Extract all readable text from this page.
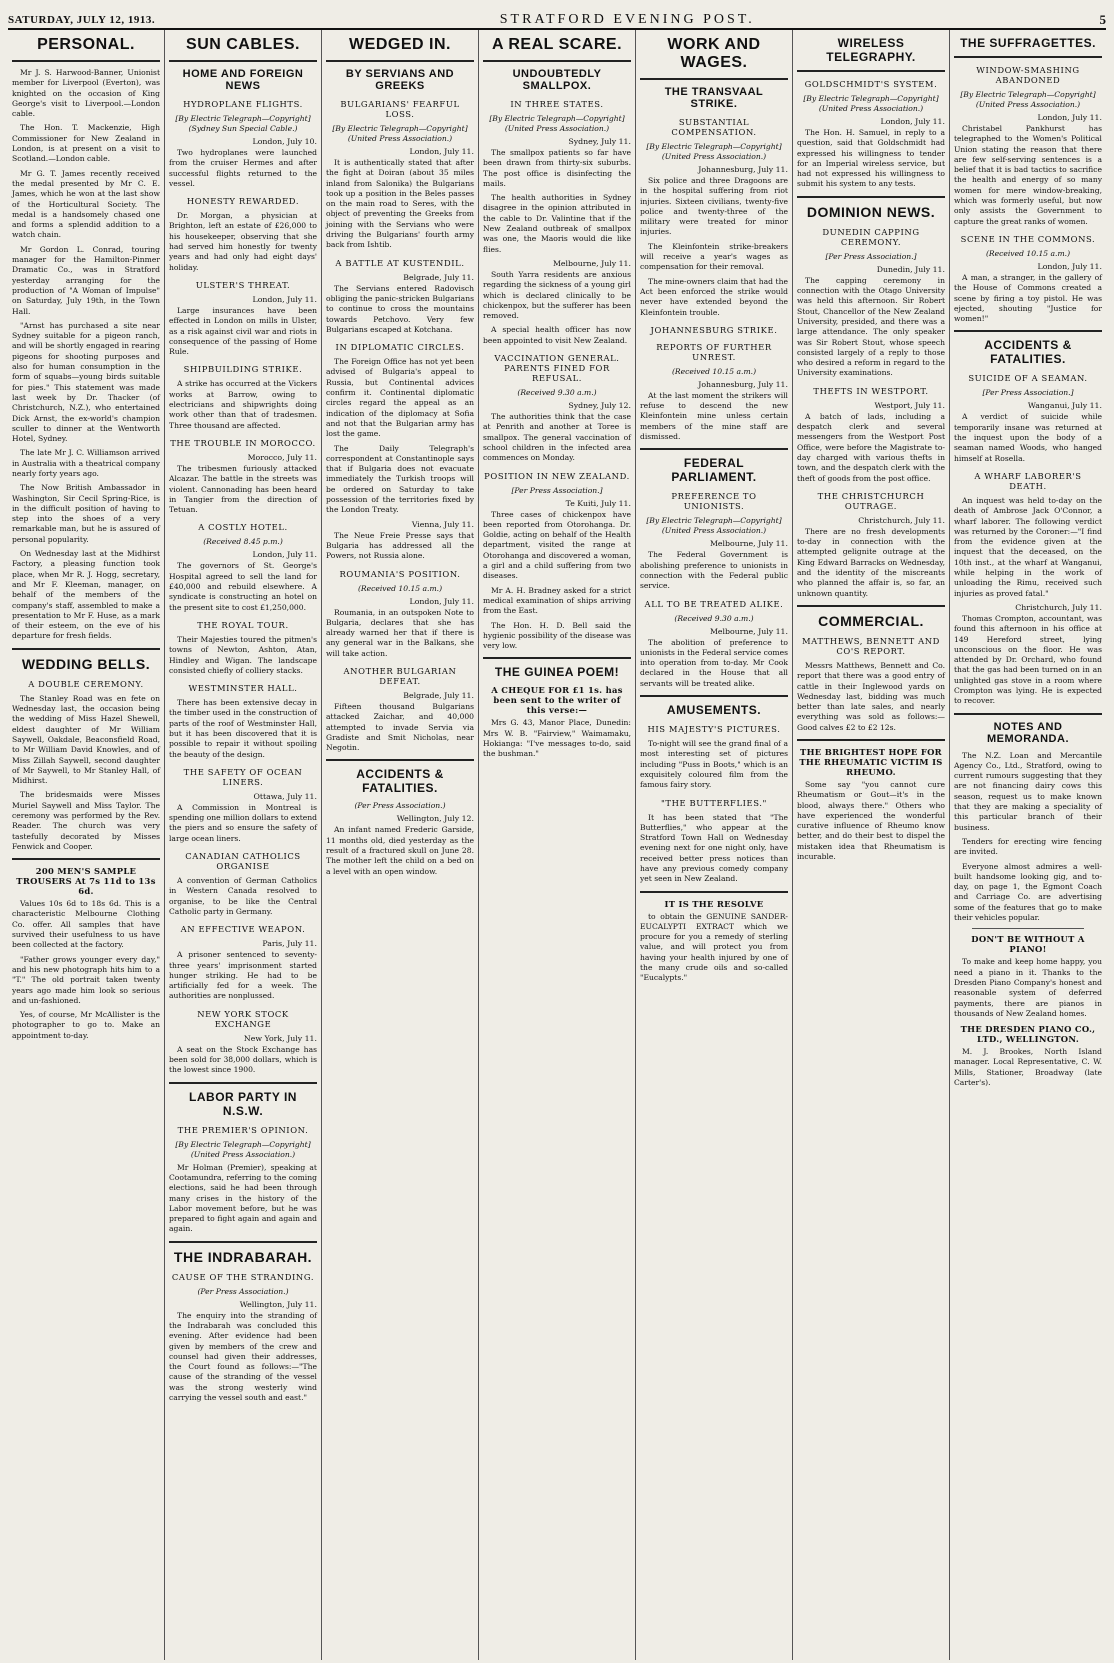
SATURDAY, JULY 12, 1913.	STRATFORD EVENING POST.	5
PERSONAL.

Mr J. S. Harwood-Banner, Unionist member for Liverpool (Everton), was knighted on the occasion of King George's visit to Liverpool.—London cable.

The Hon. T. Mackenzie, High Commissioner for New Zealand in London, is at present on a visit to Scotland.—London cable.

Mr G. T. James recently received the medal presented by Mr C. E. James, which he won at the last show of the Horticultural Society. The medal is a handsomely chased one and forms a splendid addition to a watch chain.

Mr Gordon L. Conrad, touring manager for the Hamilton-Pinmer Dramatic Co., was in Stratford yesterday arranging for the production of "A Woman of Impulse" on Saturday, July 19th, in the Town Hall.

"Arnst has purchased a site near Sydney suitable for a pigeon ranch, and will be shortly engaged in rearing pigeons for shooting purposes and also for human consumption in the form of squabs—young birds suitable for pies." This statement was made last week by Dr. Thacker (of Christchurch, N.Z.), who entertained Dick Arnst, the ex-world's champion sculler to dinner at the Wentworth Hotel, Sydney.

The late Mr J. C. Williamson arrived in Australia with a theatrical company nearly forty years ago.

The Now British Ambassador in Washington, Sir Cecil Spring-Rice, is in the difficult position of having to step into the shoes of a very remarkable man, but he is assured of personal popularity.

On Wednesday last at the Midhirst Factory, a pleasing function took place, when Mr R. J. Hogg, secretary, and Mr F. Kleeman, manager, on behalf of the members of the company's staff, assembled to make a presentation to Mr F. Huse, as a mark of their esteem, on the eve of his departure for fresh fields.

WEDDING BELLS.
A DOUBLE CEREMONY.

The Stanley Road was en fete on Wednesday last, the occasion being the wedding of Miss Hazel Shewell, eldest daughter of Mr William Saywell, Oakdale, Beaconsfield Road, to Mr William David Knowles, and of Miss Zillah Saywell, second daughter of Mr Saywell, to Mr Stanley Hall, of Midhirst.

The bridesmaids were Misses Muriel Saywell and Miss Taylor. The ceremony was performed by the Rev. Reader. The church was very tastefully decorated by Misses Fenwick and Cooper.

200 MEN'S SAMPLE TROUSERS At 7s 11d to 13s 6d.

Values 10s 6d to 18s 6d. This is a characteristic Melbourne Clothing Co. offer. All samples that have survived their usefulness to us have been collected at the factory.

"Father grows younger every day," and his new photograph hits him to a "T." The old portrait taken twenty years ago made him look so serious and un-fashioned.

Yes, of course, Mr McAllister is the photographer to go to. Make an appointment to-day.

SUN CABLES.
HOME AND FOREIGN NEWS
HYDROPLANE FLIGHTS.
[By Electric Telegraph—Copyright] (Sydney Sun Special Cable.)
London, July 10.

Two hydroplanes were launched from the cruiser Hermes and after successful flights returned to the vessel.

HONESTY REWARDED.

Dr. Morgan, a physician at Brighton, left an estate of £26,000 to his housekeeper, observing that she had served him honestly for twenty years and had only had eight days' holiday.

ULSTER'S THREAT.
London, July 11.

Large insurances have been effected in London on mills in Ulster, as a risk against civil war and riots in consequence of the passing of Home Rule.

SHIPBUILDING STRIKE.

A strike has occurred at the Vickers works at Barrow, owing to electricians and shipwrights doing work other than that of tradesmen. Three thousand are affected.

THE TROUBLE IN MOROCCO.
Morocco, July 11.

The tribesmen furiously attacked Alcazar. The battle in the streets was violent. Cannonading has been heard in Tangier from the direction of Tetuan.

A COSTLY HOTEL.
(Received 8.45 p.m.)
London, July 11.

The governors of St. George's Hospital agreed to sell the land for £40,000 and rebuild elsewhere. A syndicate is constructing an hotel on the present site to cost £1,250,000.

THE ROYAL TOUR.

Their Majesties toured the pitmen's towns of Newton, Ashton, Atan, Hindley and Wigan. The landscape consisted chiefly of colliery stacks.

WESTMINSTER HALL.

There has been extensive decay in the timber used in the construction of parts of the roof of Westminster Hall, but it has been discovered that it is possible to repair it without spoiling the beauty of the design.

THE SAFETY OF OCEAN LINERS.
Ottawa, July 11.

A Commission in Montreal is spending one million dollars to extend the piers and so ensure the safety of large ocean liners.

CANADIAN CATHOLICS ORGANISE

A convention of German Catholics in Western Canada resolved to organise, to be like the Central Catholic party in Germany.

AN EFFECTIVE WEAPON.
Paris, July 11.

A prisoner sentenced to seventy-three years' imprisonment started hunger striking. He had to be artificially fed for a week. The authorities are nonplussed.

NEW YORK STOCK EXCHANGE
New York, July 11.

A seat on the Stock Exchange has been sold for 38,000 dollars, which is the lowest since 1900.

LABOR PARTY IN N.S.W.
THE PREMIER'S OPINION.
[By Electric Telegraph—Copyright] (United Press Association.)

Mr Holman (Premier), speaking at Cootamundra, referring to the coming elections, said he had been through many crises in the history of the Labor movement before, but he was prepared to fight again and again and again.

THE INDRABARAH.
CAUSE OF THE STRANDING.
(Per Press Association.)
Wellington, July 11.

The enquiry into the stranding of the Indrabarah was concluded this evening. After evidence had been given by members of the crew and counsel had given their addresses, the Court found as follows:—"The cause of the stranding of the vessel was the strong westerly wind carrying the vessel south and east."

WEDGED IN.
BY SERVIANS AND GREEKS
BULGARIANS' FEARFUL LOSS.
[By Electric Telegraph—Copyright] (United Press Association.)
London, July 11.

It is authentically stated that after the fight at Doiran (about 35 miles inland from Salonika) the Bulgarians took up a position in the Beles passes on the main road to Seres, with the object of preventing the Greeks from joining with the Servians who were driving the Bulgarians' fourth army back from Ishtib.

A BATTLE AT KUSTENDIL.
Belgrade, July 11.

The Servians entered Radovisch obliging the panic-stricken Bulgarians to continue to cross the mountains towards Petchovo. Very few Bulgarians escaped at Kotchana.

IN DIPLOMATIC CIRCLES.

The Foreign Office has not yet been advised of Bulgaria's appeal to Russia, but Continental advices confirm it. Continental diplomatic circles regard the appeal as an indication of the diplomacy at Sofia and not that the Bulgarian army has lost the game.

The Daily Telegraph's correspondent at Constantinople says that if Bulgaria does not evacuate immediately the Turkish troops will be ordered on Saturday to take possession of the territories fixed by the London Treaty.

Vienna, July 11.

The Neue Freie Presse says that Bulgaria has addressed all the Powers, not Russia alone.

ROUMANIA'S POSITION.
(Received 10.15 a.m.)
London, July 11.

Roumania, in an outspoken Note to Bulgaria, declares that she has already warned her that if there is any general war in the Balkans, she will take action.

ANOTHER BULGARIAN DEFEAT.
Belgrade, July 11.

Fifteen thousand Bulgarians attacked Zaichar, and 40,000 attempted to invade Servia via Gradiste and Smit Nicholas, near Negotin.

ACCIDENTS & FATALITIES.
(Per Press Association.)
Wellington, July 12.

An infant named Frederic Garside, 11 months old, died yesterday as the result of a fractured skull on June 28. The mother left the child on a bed on a level with an open window.

A REAL SCARE.
UNDOUBTEDLY SMALLPOX.
IN THREE STATES.
[By Electric Telegraph—Copyright] (United Press Association.)
Sydney, July 11.

The smallpox patients so far have been drawn from thirty-six suburbs. The post office is disinfecting the mails.

The health authorities in Sydney disagree in the opinion attributed in the cable to Dr. Valintine that if the New Zealand outbreak of smallpox was one, the Maoris would die like flies.

Melbourne, July 11.

South Yarra residents are anxious regarding the sickness of a young girl which is declared clinically to be chickenpox, but the sufferer has been removed.

A special health officer has now been appointed to visit New Zealand.

VACCINATION GENERAL. PARENTS FINED FOR REFUSAL.
(Received 9.30 a.m.)
Sydney, July 12.

The authorities think that the case at Penrith and another at Toree is smallpox. The general vaccination of school children in the infected area commences on Monday.

POSITION IN NEW ZEALAND.
[Per Press Association.]
Te Kuiti, July 11.

Three cases of chickenpox have been reported from Otorohanga. Dr. Goldie, acting on behalf of the Health department, visited the range at Otorohanga and discovered a woman, a girl and a child suffering from two diseases.

Mr A. H. Bradney asked for a strict medical examination of ships arriving from the East.

The Hon. H. D. Bell said the hygienic possibility of the disease was very low.

THE GUINEA POEM!
A CHEQUE FOR £1 1s. has been sent to the writer of this verse:—

Mrs G. 43, Manor Place, Dunedin: Mrs W. B. "Fairview," Waimamaku, Hokianga: "I've messages to-do, said the bushman."

WORK AND WAGES.
THE TRANSVAAL STRIKE.
SUBSTANTIAL COMPENSATION.
[By Electric Telegraph—Copyright] (United Press Association.)
Johannesburg, July 11.

Six police and three Dragoons are in the hospital suffering from riot injuries. Sixteen civilians, twenty-five police and twenty-three of the military were treated for minor injuries.

The Kleinfontein strike-breakers will receive a year's wages as compensation for their removal.

The mine-owners claim that had the Act been enforced the strike would never have extended beyond the Kleinfontein trouble.

JOHANNESBURG STRIKE.
REPORTS OF FURTHER UNREST.
(Received 10.15 a.m.)
Johannesburg, July 11.

At the last moment the strikers will refuse to descend the new Kleinfontein mine unless certain members of the mine staff are dismissed.

FEDERAL PARLIAMENT.
PREFERENCE TO UNIONISTS.
[By Electric Telegraph—Copyright] (United Press Association.)
Melbourne, July 11.

The Federal Government is abolishing preference to unionists in connection with the Federal public service.

ALL TO BE TREATED ALIKE.
(Received 9.30 a.m.)
Melbourne, July 11.

The abolition of preference to unionists in the Federal service comes into operation from to-day. Mr Cook declared in the House that all servants will be treated alike.

AMUSEMENTS.
HIS MAJESTY'S PICTURES.

To-night will see the grand final of a most interesting set of pictures including "Puss in Boots," which is an exquisitely coloured film from the famous fairy story.

"THE BUTTERFLIES."

It has been stated that "The Butterflies," who appear at the Stratford Town Hall on Wednesday evening next for one night only, have received better press notices than have any previous comedy company yet seen in New Zealand.

IT IS THE RESOLVE

to obtain the GENUINE SANDER-EUCALYPTI EXTRACT which we procure for you a remedy of sterling value, and will protect you from having your health injured by one of the many crude oils and so-called "Eucalypts."

WIRELESS TELEGRAPHY.
GOLDSCHMIDT'S SYSTEM.
[By Electric Telegraph—Copyright] (United Press Association.)
London, July 11.

The Hon. H. Samuel, in reply to a question, said that Goldschmidt had expressed his willingness to tender for an Imperial wireless service, but had not expressed his willingness to submit his system to any tests.

DOMINION NEWS.
DUNEDIN CAPPING CEREMONY.
[Per Press Association.]
Dunedin, July 11.

The capping ceremony in connection with the Otago University was held this afternoon. Sir Robert Stout, Chancellor of the New Zealand University, presided, and there was a large attendance. The only speaker was Sir Robert Stout, whose speech consisted largely of a reply to those who desired a reform in regard to the University examinations.

THEFTS IN WESTPORT.
Westport, July 11.

A batch of lads, including a despatch clerk and several messengers from the Westport Post Office, were before the Magistrate to-day charged with various thefts in town, and the despatch clerk with the theft of goods from the post office.

THE CHRISTCHURCH OUTRAGE.
Christchurch, July 11.

There are no fresh developments to-day in connection with the attempted gelignite outrage at the King Edward Barracks on Wednesday, and the identity of the miscreants who planned the affair is, so far, an unknown quantity.

COMMERCIAL.
MATTHEWS, BENNETT AND CO'S REPORT.

Messrs Matthews, Bennett and Co. report that there was a good entry of cattle in their Inglewood yards on Wednesday last, bidding was much better than late sales, and nearly everything was sold as follows:— Good calves £2 to £2 12s.

THE BRIGHTEST HOPE FOR THE RHEUMATIC VICTIM IS RHEUMO.

Some say "you cannot cure Rheumatism or Gout—it's in the blood, always there." Others who have experienced the wonderful curative influence of Rheumo know better, and do their best to dispel the mistaken idea that Rheumatism is incurable.

THE SUFFRAGETTES.
WINDOW-SMASHING ABANDONED
[By Electric Telegraph—Copyright] (United Press Association.)
London, July 11.

Christabel Pankhurst has telegraphed to the Women's Political Union stating the reason that there are few self-serving sentences is a belief that it is bad tactics to sacrifice the health and energy of so many women for mere window-breaking, which was formerly useful, but now only assists the Government to capture the great ranks of women.

SCENE IN THE COMMONS.
(Received 10.15 a.m.)
London, July 11.

A man, a stranger, in the gallery of the House of Commons created a scene by firing a toy pistol. He was ejected, shouting "Justice for women!"

ACCIDENTS & FATALITIES.
SUICIDE OF A SEAMAN.
[Per Press Association.]
Wanganui, July 11.

A verdict of suicide while temporarily insane was returned at the inquest upon the body of a seaman named Woods, who hanged himself at Rosella.

A WHARF LABORER'S DEATH.

An inquest was held to-day on the death of Ambrose Jack O'Connor, a wharf laborer. The following verdict was returned by the Coroner:—"I find from the evidence given at the inquest that the deceased, on the 10th inst., at the wharf at Wanganui, while helping in the work of unloading the Rimu, received such injuries as proved fatal."

Christchurch, July 11.

Thomas Crompton, accountant, was found this afternoon in his office at 149 Hereford street, lying unconscious on the floor. He was attended by Dr. Orchard, who found that the gas had been turned on in an unlighted gas stove in a room where Crompton was lying. He is expected to recover.

NOTES AND MEMORANDA.

The N.Z. Loan and Mercantile Agency Co., Ltd., Stratford, owing to current rumours suggesting that they are not financing dairy cows this season, request us to make known that they are making a speciality of this particular branch of their business.

Tenders for erecting wire fencing are invited.

Everyone almost admires a well-built handsome looking gig, and to-day, on page 1, the Egmont Coach and Carriage Co. are advertising some of the features that go to make their vehicles popular.

DON'T BE WITHOUT A PIANO!

To make and keep home happy, you need a piano in it. Thanks to the Dresden Piano Company's honest and reasonable system of deferred payments, there are pianos in thousands of New Zealand homes.

THE DRESDEN PIANO CO., LTD., WELLINGTON.

M. J. Brookes, North Island manager. Local Representative, C. W. Mills, Stationer, Broadway (late Carter's).
